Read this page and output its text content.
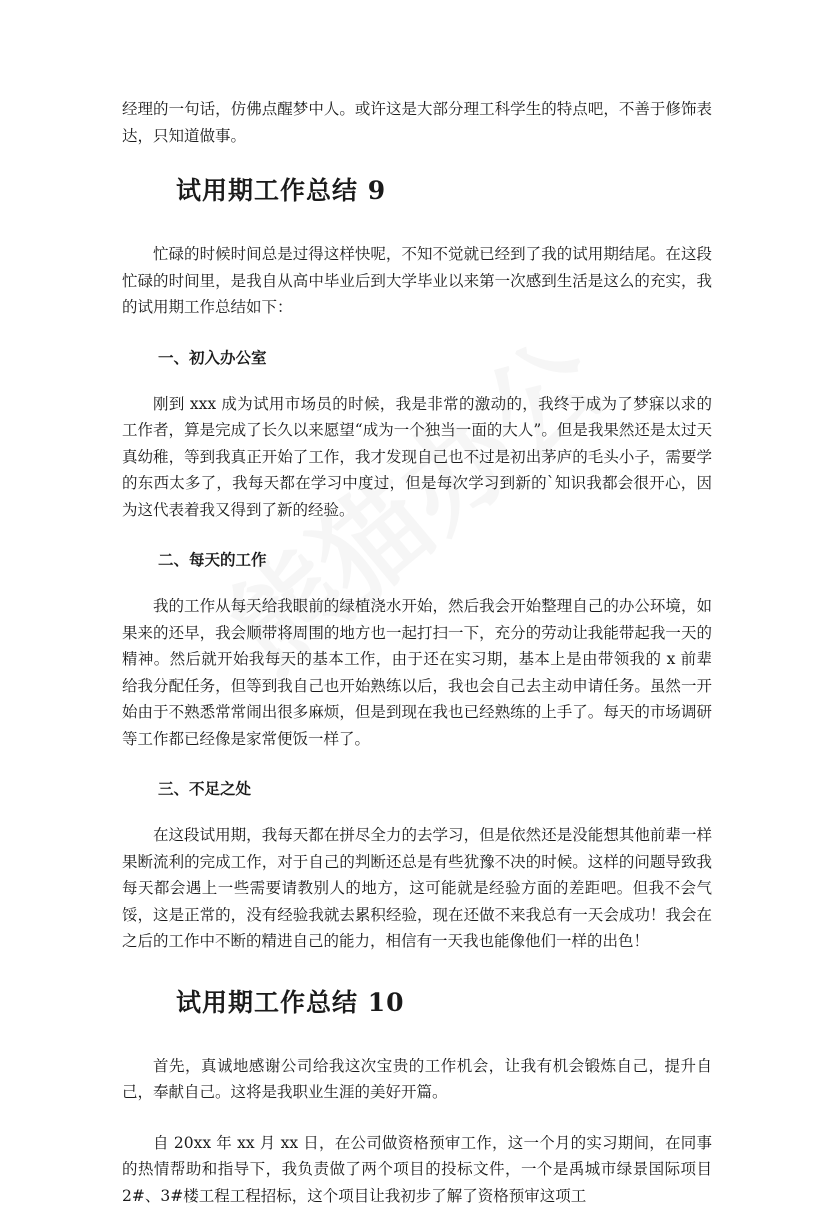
经理的一句话，仿佛点醒梦中人。或许这是大部分理工科学生的特点吧，不善于修饰表达，只知道做事。

试用期工作总结 9

忙碌的时候时间总是过得这样快呢，不知不觉就已经到了我的试用期结尾。在这段忙碌的时间里，是我自从高中毕业后到大学毕业以来第一次感到生活是这么的充实，我的试用期工作总结如下：

一、初入办公室

刚到 xxx 成为试用市场员的时候，我是非常的激动的，我终于成为了梦寐以求的工作者，算是完成了长久以来愿望“成为一个独当一面的大人”。但是我果然还是太过天真幼稚，等到我真正开始了工作，我才发现自己也不过是初出茅庐的毛头小子，需要学的东西太多了，我每天都在学习中度过，但是每次学习到新的`知识我都会很开心，因为这代表着我又得到了新的经验。

二、每天的工作

我的工作从每天给我眼前的绿植浇水开始，然后我会开始整理自己的办公环境，如果来的还早，我会顺带将周围的地方也一起打扫一下，充分的劳动让我能带起我一天的精神。然后就开始我每天的基本工作，由于还在实习期，基本上是由带领我的 x 前辈给我分配任务，但等到我自己也开始熟练以后，我也会自己去主动申请任务。虽然一开始由于不熟悉常常闹出很多麻烦，但是到现在我也已经熟练的上手了。每天的市场调研等工作都已经像是家常便饭一样了。

三、不足之处

在这段试用期，我每天都在拼尽全力的去学习，但是依然还是没能想其他前辈一样果断流利的完成工作，对于自己的判断还总是有些犹豫不决的时候。这样的问题导致我每天都会遇上一些需要请教别人的地方，这可能就是经验方面的差距吧。但我不会气馁，这是正常的，没有经验我就去累积经验，现在还做不来我总有一天会成功！我会在之后的工作中不断的精进自己的能力，相信有一天我也能像他们一样的出色！

试用期工作总结 10

首先，真诚地感谢公司给我这次宝贵的工作机会，让我有机会锻炼自己，提升自己，奉献自己。这将是我职业生涯的美好开篇。

自 20xx 年 xx 月 xx 日，在公司做资格预审工作，这一个月的实习期间，在同事的热情帮助和指导下，我负责做了两个项目的投标文件，一个是禹城市绿景国际项目 2#、3#楼工程工程招标，这个项目让我初步了解了资格预审这项工
